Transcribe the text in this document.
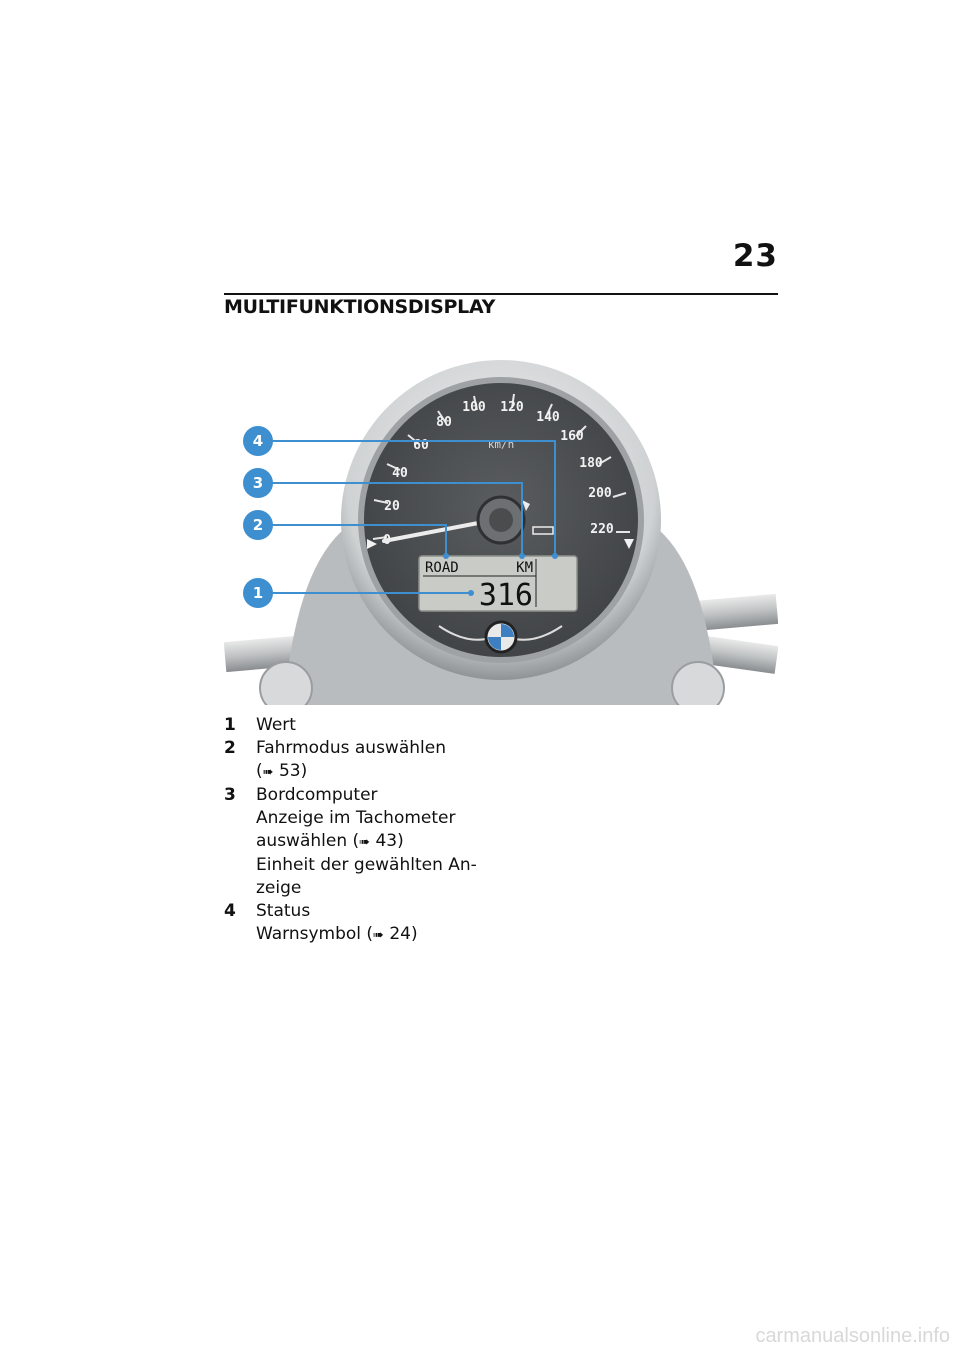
23
MULTIFUNKTIONSDISPLAY
20
40
60
80
100 120
140
160
180
200
220
km/h
ROAD	KM
316
4
3
2
1
1	Wert
2	Fahrmodus auswählen
(➠ 53)
3	Bordcomputer
Anzeige im Tachometer
auswählen (➠ 43)
Einheit der gewählten An-
zeige
4	Status
Warnsymbol (➠ 24)
carmanualsonline.info
